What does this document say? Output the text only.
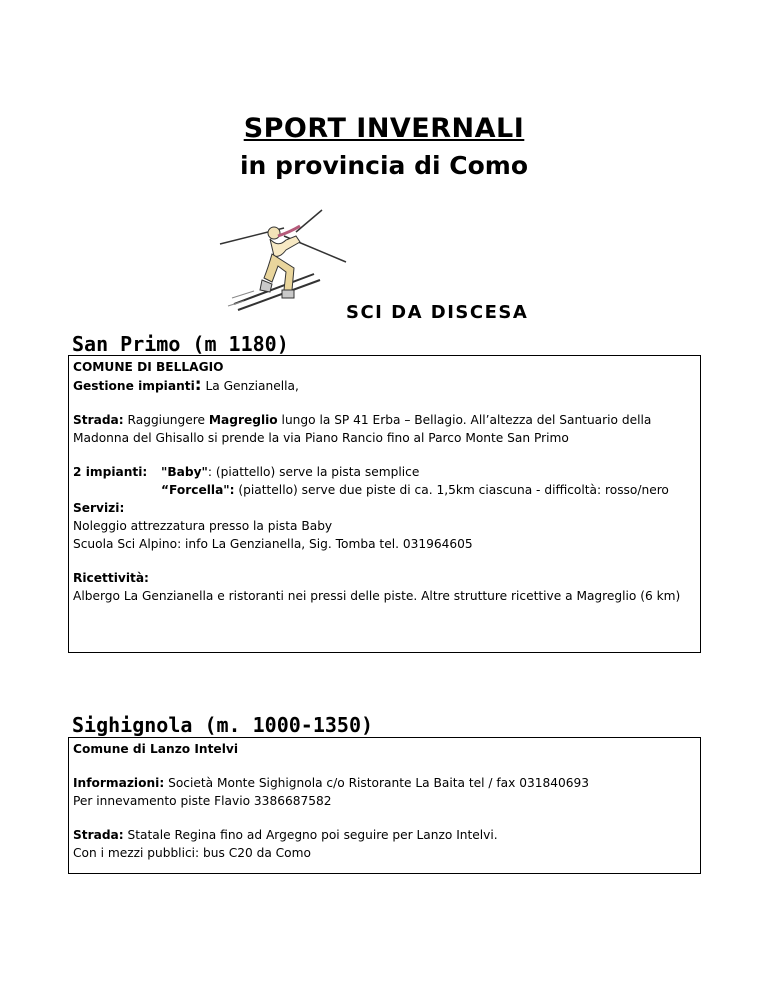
SPORT INVERNALI
in provincia di Como
SCI DA DISCESA
San Primo (m 1180)

COMUNE DI BELLAGIO

Gestione impianti: La Genzianella,

Strada: Raggiungere Magreglio lungo la SP 41 Erba – Bellagio. All’altezza del Santuario della Madonna del Ghisallo si prende la via Piano Rancio fino al Parco Monte San Primo

2 impianti:	"Baby": (piattello) serve la pista semplice

“Forcella": (piattello) serve due piste di ca. 1,5km ciascuna - difficoltà: rosso/nero

Servizi:

Noleggio attrezzatura presso la pista Baby

Scuola Sci Alpino: info La Genzianella, Sig. Tomba tel. 031964605

Ricettività:

Albergo La Genzianella e ristoranti nei pressi delle piste. Altre strutture ricettive a Magreglio (6 km)

Sighignola (m. 1000-1350)

Comune di Lanzo Intelvi

Informazioni: Società Monte Sighignola c/o Ristorante La Baita tel / fax 031840693

Per innevamento piste Flavio 3386687582

Strada: Statale Regina fino ad Argegno poi seguire per Lanzo Intelvi.

Con i mezzi pubblici: bus C20 da Como
